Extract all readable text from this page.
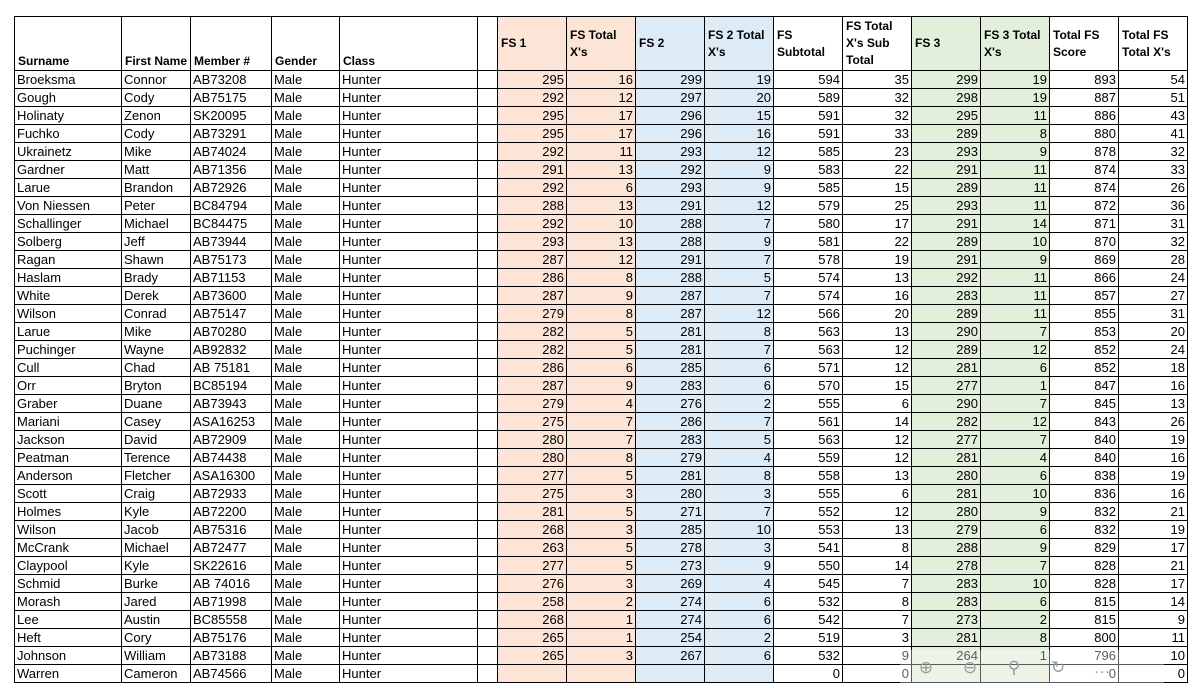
Surname	First Name	Member #	Gender	Class		FS 1	FS Total X's	FS 2	FS 2 Total X's	FS Subtotal	FS Total X's Sub Total	FS 3	FS 3 Total X's	Total FS Score	Total FS Total X's
Broeksma	Connor	AB73208	Male	Hunter		295	16	299	19	594	35	299	19	893	54
Gough	Cody	AB75175	Male	Hunter		292	12	297	20	589	32	298	19	887	51
Holinaty	Zenon	SK20095	Male	Hunter		295	17	296	15	591	32	295	11	886	43
Fuchko	Cody	AB73291	Male	Hunter		295	17	296	16	591	33	289	8	880	41
Ukrainetz	Mike	AB74024	Male	Hunter		292	11	293	12	585	23	293	9	878	32
Gardner	Matt	AB71356	Male	Hunter		291	13	292	9	583	22	291	11	874	33
Larue	Brandon	AB72926	Male	Hunter		292	6	293	9	585	15	289	11	874	26
Von Niessen	Peter	BC84794	Male	Hunter		288	13	291	12	579	25	293	11	872	36
Schallinger	Michael	BC84475	Male	Hunter		292	10	288	7	580	17	291	14	871	31
Solberg	Jeff	AB73944	Male	Hunter		293	13	288	9	581	22	289	10	870	32
Ragan	Shawn	AB75173	Male	Hunter		287	12	291	7	578	19	291	9	869	28
Haslam	Brady	AB71153	Male	Hunter		286	8	288	5	574	13	292	11	866	24
White	Derek	AB73600	Male	Hunter		287	9	287	7	574	16	283	11	857	27
Wilson	Conrad	AB75147	Male	Hunter		279	8	287	12	566	20	289	11	855	31
Larue	Mike	AB70280	Male	Hunter		282	5	281	8	563	13	290	7	853	20
Puchinger	Wayne	AB92832	Male	Hunter		282	5	281	7	563	12	289	12	852	24
Cull	Chad	AB 75181	Male	Hunter		286	6	285	6	571	12	281	6	852	18
Orr	Bryton	BC85194	Male	Hunter		287	9	283	6	570	15	277	1	847	16
Graber	Duane	AB73943	Male	Hunter		279	4	276	2	555	6	290	7	845	13
Mariani	Casey	ASA16253	Male	Hunter		275	7	286	7	561	14	282	12	843	26
Jackson	David	AB72909	Male	Hunter		280	7	283	5	563	12	277	7	840	19
Peatman	Terence	AB74438	Male	Hunter		280	8	279	4	559	12	281	4	840	16
Anderson	Fletcher	ASA16300	Male	Hunter		277	5	281	8	558	13	280	6	838	19
Scott	Craig	AB72933	Male	Hunter		275	3	280	3	555	6	281	10	836	16
Holmes	Kyle	AB72200	Male	Hunter		281	5	271	7	552	12	280	9	832	21
Wilson	Jacob	AB75316	Male	Hunter		268	3	285	10	553	13	279	6	832	19
McCrank	Michael	AB72477	Male	Hunter		263	5	278	3	541	8	288	9	829	17
Claypool	Kyle	SK22616	Male	Hunter		277	5	273	9	550	14	278	7	828	21
Schmid	Burke	AB 74016	Male	Hunter		276	3	269	4	545	7	283	10	828	17
Morash	Jared	AB71998	Male	Hunter		258	2	274	6	532	8	283	6	815	14
Lee	Austin	BC85558	Male	Hunter		268	1	274	6	542	7	273	2	815	9
Heft	Cory	AB75176	Male	Hunter		265	1	254	2	519	3	281	8	800	11
Johnson	William	AB73188	Male	Hunter		265	3	267	6	532	9	264	1	796	10
Warren	Cameron	AB74566	Male	Hunter						0	0			0	0
⊕ ⊖	⚲	↻ …
